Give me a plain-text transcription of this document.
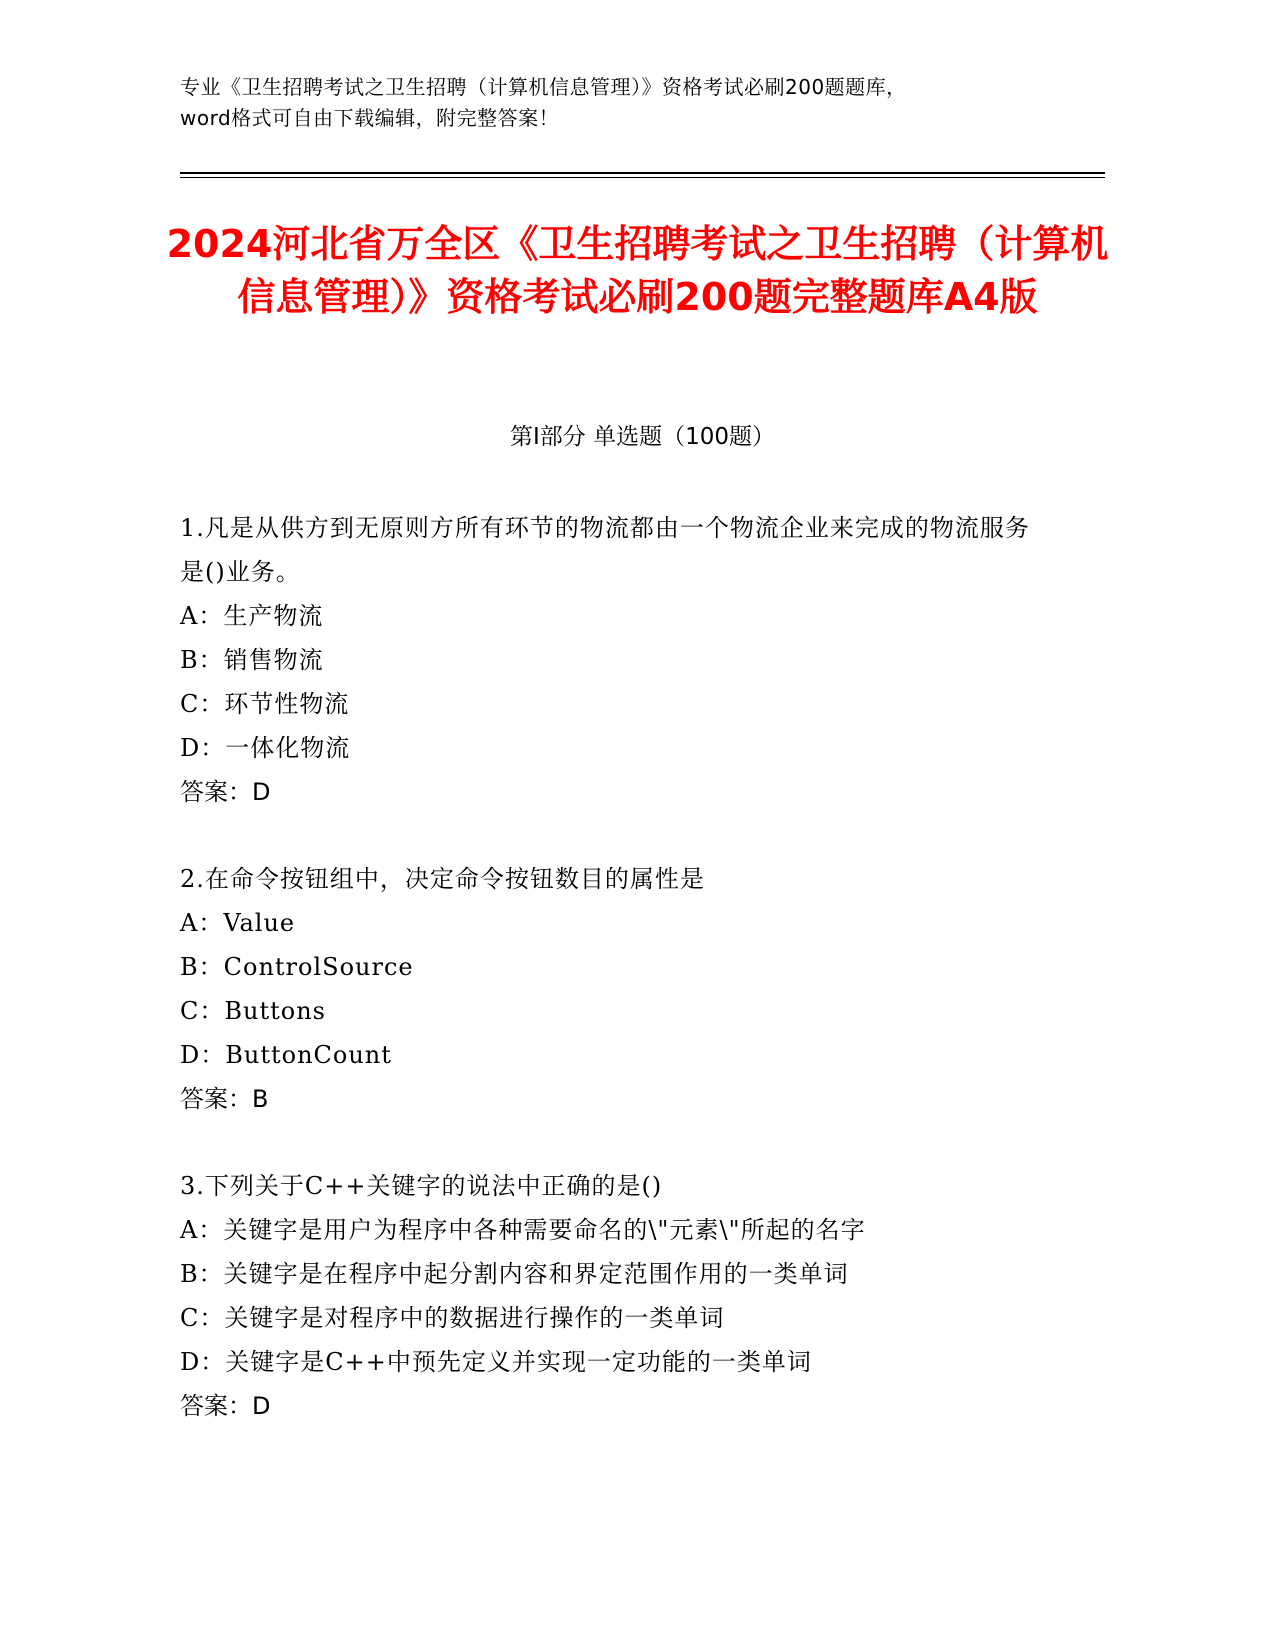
专业《卫生招聘考试之卫生招聘（计算机信息管理）》资格考试必刷200题题库，
word格式可自由下载编辑，附完整答案！
2024河北省万全区《卫生招聘考试之卫生招聘（计算机信息管理）》资格考试必刷200题完整题库A4版
第I部分 单选题（100题）
1.凡是从供方到无原则方所有环节的物流都由一个物流企业来完成的物流服务是()业务。
A：生产物流
B：销售物流
C：环节性物流
D：一体化物流
答案：D
2.在命令按钮组中，决定命令按钮数目的属性是
A：Value
B：ControlSource
C：Buttons
D：ButtonCount
答案：B
3.下列关于C++关键字的说法中正确的是()
A：关键字是用户为程序中各种需要命名的\"元素\"所起的名字
B：关键字是在程序中起分割内容和界定范围作用的一类单词
C：关键字是对程序中的数据进行操作的一类单词
D：关键字是C++中预先定义并实现一定功能的一类单词
答案：D
